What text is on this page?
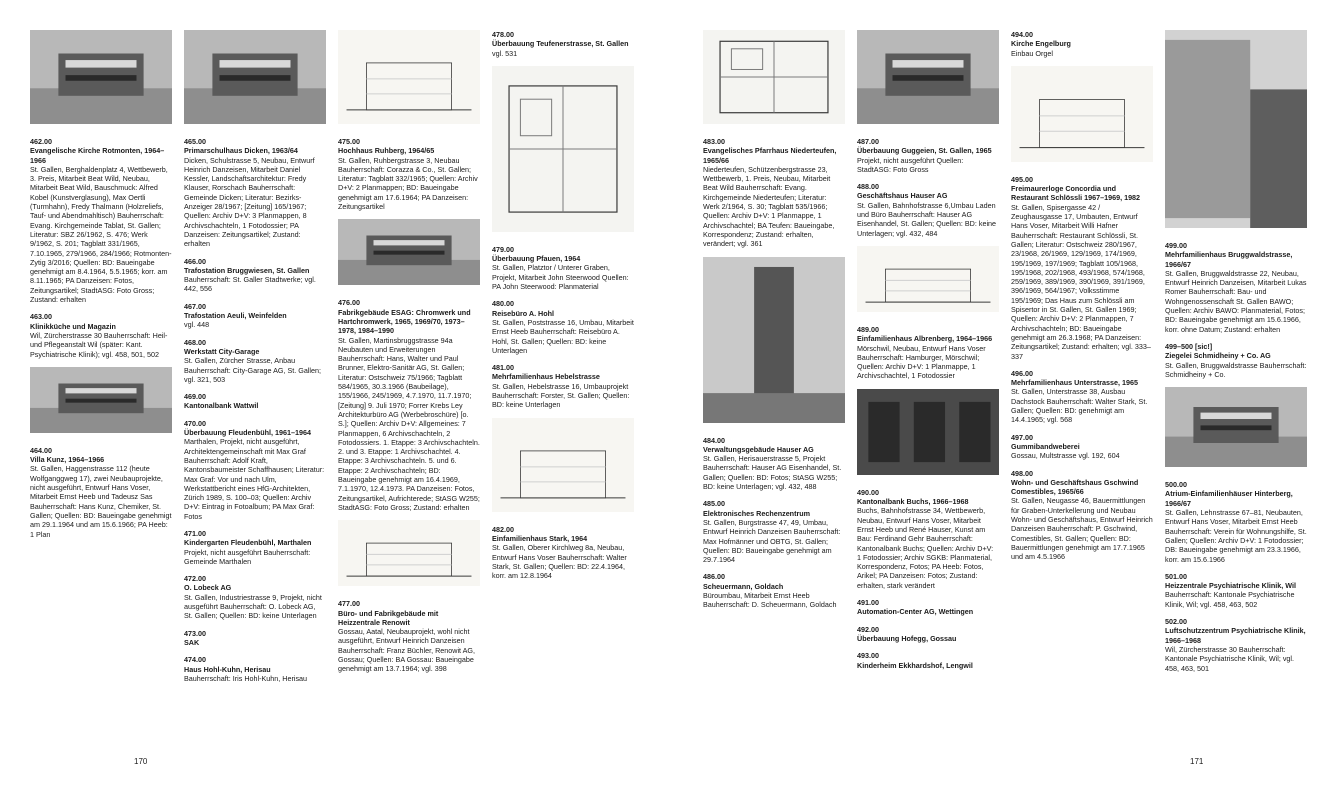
462.00
Evangelische Kirche Rotmonten, 1964–1966
St. Gallen, Berghaldenplatz 4, Wettbewerb, 3. Preis, Mitarbeit Beat Wild, Neubau, Mitarbeit Beat Wild, Bauschmuck: Alfred Kobel (Kunstverglasung), Max Oertli (Turmhahn), Fredy Thalmann (Holzreliefs, Tauf- und Abendmahltisch) Bauherrschaft: Evang. Kirchgemeinde Tablat, St. Gallen; Literatur: SBZ 26/1962, S. 476; Werk 9/1962, S. 201; Tagblatt 331/1965, 7.10.1965, 279/1966, 284/1966; Rotmonten-Zytig 3/2016; Quellen: BD: Baueingabe genehmigt am 8.4.1964, 5.5.1965; korr. am 8.11.1965; PA Danzeisen: Fotos, Zeitungsartikel; StadtASG: Foto Gross; Zustand: erhalten
463.00
Klinikküche und Magazin
Wil, Zürcherstrasse 30 Bauherrschaft: Heil- und Pflegeanstalt Wil (später: Kant. Psychiatrische Klinik); vgl. 458, 501, 502
464.00
Villa Kunz, 1964–1966
St. Gallen, Haggenstrasse 112 (heute Wolfganggweg 17), zwei Neubauprojekte, nicht ausgeführt, Entwurf Hans Voser, Mitarbeit Ernst Heeb und Tadeusz Sas Bauherrschaft: Hans Kunz, Chemiker, St. Gallen; Quellen: BD: Baueingabe genehmigt am 29.1.1964 und am 15.6.1966; PA Heeb: 1 Plan
465.00
Primarschulhaus Dicken, 1963/64
Dicken, Schulstrasse 5, Neubau, Entwurf Heinrich Danzeisen, Mitarbeit Daniel Kessler, Landschaftsarchitektur: Fredy Klauser, Rorschach Bauherrschaft: Gemeinde Dicken; Literatur: Bezirks-Anzeiger 28/1967; [Zeitung] 165/1967; Quellen: Archiv D+V: 3 Planmappen, 8 Archivschachteln, 1 Fotodossier; PA Danzeisen: Zeitungsartikel; Zustand: erhalten
466.00
Trafostation Bruggwiesen, St. Gallen
Bauherrschaft: St. Galler Stadtwerke; vgl. 442, 556
467.00
Trafostation Aeuli, Weinfelden
vgl. 448
468.00
Werkstatt City-Garage
St. Gallen, Zürcher Strasse, Anbau Bauherrschaft: City-Garage AG, St. Gallen; vgl. 321, 503
469.00
Kantonalbank Wattwil
470.00
Überbauung Fleudenbühl, 1961–1964
Marthalen, Projekt, nicht ausgeführt, Architektengemeinschaft mit Max Graf Bauherrschaft: Adolf Kraft, Kantonsbaumeister Schaffhausen; Literatur: Max Graf: Vor und nach Ulm, Werkstattbericht eines HfG-Architekten, Zürich 1989, S. 100–03; Quellen: Archiv D+V: Eintrag in Fotoalbum; PA Max Graf: Fotos
471.00
Kindergarten Fleudenbühl, Marthalen
Projekt, nicht ausgeführt Bauherrschaft: Gemeinde Marthalen
472.00
O. Lobeck AG
St. Gallen, Industriestrasse 9, Projekt, nicht ausgeführt Bauherrschaft: O. Lobeck AG, St. Gallen; Quellen: BD: keine Unterlagen
473.00
SAK
474.00
Haus Hohl-Kuhn, Herisau
Bauherrschaft: Iris Hohl-Kuhn, Herisau
475.00
Hochhaus Ruhberg, 1964/65
St. Gallen, Ruhbergstrasse 3, Neubau Bauherrschaft: Corazza & Co., St. Gallen; Literatur: Tagblatt 332/1965; Quellen: Archiv D+V: 2 Planmappen; BD: Baueingabe genehmigt am 17.6.1964; PA Danzeisen: Zeitungsartikel
476.00
Fabrikgebäude ESAG: Chromwerk und Hartchromwerk, 1965, 1969/70, 1973–1978, 1984–1990
St. Gallen, Martinsbruggstrasse 94a Neubauten und Erweiterungen Bauherrschaft: Hans, Walter und Paul Brunner, Elektro-Sanitär AG, St. Gallen; Literatur: Ostschweiz 75/1966; Tagblatt 584/1965, 30.3.1966 (Baubeilage), 155/1966, 245/1969, 4.7.1970, 11.7.1970; [Zeitung] 9. Juli 1970; Forrer Krebs Ley Architekturbüro AG (Werbebroschüre) [o. S.]; Quellen: Archiv D+V: Allgemeines: 7 Planmappen, 6 Archivschachteln, 2 Fotodossiers. 1. Etappe: 3 Archivschachteln. 2. und 3. Etappe: 1 Archivschachtel. 4. Etappe: 3 Archivschachteln. 5. und 6. Etappe: 2 Archivschachteln; BD: Baueingabe genehmigt am 16.4.1969, 7.1.1970, 12.4.1973. PA Danzeisen: Fotos, Zeitungsartikel, Aufrichterede; StASG W255; StadtASG: Foto Gross; Zustand: erhalten
477.00
Büro- und Fabrikgebäude mit Heizzentrale Renowit
Gossau, Aatal, Neubauprojekt, wohl nicht ausgeführt, Entwurf Heinrich Danzeisen Bauherrschaft: Franz Büchler, Renowit AG, Gossau; Quellen: BA Gossau: Baueingabe genehmigt am 13.7.1964; vgl. 398
478.00
Überbauung Teufenerstrasse, St. Gallen
vgl. 531
479.00
Überbauung Pfauen, 1964
St. Gallen, Platztor / Unterer Graben, Projekt, Mitarbeit John Steerwood Quellen: PA John Steerwood: Planmaterial
480.00
Reisebüro A. Hohl
St. Gallen, Poststrasse 16, Umbau, Mitarbeit Ernst Heeb Bauherrschaft: Reisebüro A. Hohl, St. Gallen; Quellen: BD: keine Unterlagen
481.00
Mehrfamilienhaus Hebelstrasse
St. Gallen, Hebelstrasse 16, Umbauprojekt Bauherrschaft: Forster, St. Gallen; Quellen: BD: keine Unterlagen
482.00
Einfamilienhaus Stark, 1964
St. Gallen, Oberer Kirchlweg 8a, Neubau, Entwurf Hans Voser Bauherrschaft: Walter Stark, St. Gallen; Quellen: BD: 22.4.1964, korr. am 12.8.1964
483.00
Evangelisches Pfarrhaus Niederteufen, 1965/66
Niederteufen, Schützenbergstrasse 23, Wettbewerb, 1. Preis, Neubau, Mitarbeit Beat Wild Bauherrschaft: Evang. Kirchgemeinde Niederteufen; Literatur: Werk 2/1964, S. 30; Tagblatt 535/1966; Quellen: Archiv D+V: 1 Planmappe, 1 Archivschachtel; BA Teufen: Baueingabe, Korrespondenz; Zustand: erhalten, verändert; vgl. 361
484.00
Verwaltungsgebäude Hauser AG
St. Gallen, Herisauerstrasse 5, Projekt Bauherrschaft: Hauser AG Eisenhandel, St. Gallen; Quellen: BD: Fotos; StASG W255; BD: keine Unterlagen; vgl. 432, 488
485.00
Elektronisches Rechenzentrum
St. Gallen, Burgstrasse 47, 49, Umbau, Entwurf Heinrich Danzeisen Bauherrschaft: Max Hofmänner und OBTG, St. Gallen; Quellen: BD: Baueingabe genehmigt am 29.7.1964
486.00
Scheuermann, Goldach
Büroumbau, Mitarbeit Ernst Heeb Bauherrschaft: D. Scheuermann, Goldach
487.00
Überbauung Guggeien, St. Gallen, 1965
Projekt, nicht ausgeführt Quellen: StadtASG: Foto Gross
488.00
Geschäftshaus Hauser AG
St. Gallen, Bahnhofstrasse 6,Umbau Laden und Büro Bauherrschaft: Hauser AG Eisenhandel, St. Gallen; Quellen: BD: keine Unterlagen; vgl. 432, 484
489.00
Einfamilienhaus Albrenberg, 1964–1966
Mörschwil, Neubau, Entwurf Hans Voser Bauherrschaft: Hamburger, Mörschwil; Quellen: Archiv D+V: 1 Planmappe, 1 Archivschachtel, 1 Fotodossier
490.00
Kantonalbank Buchs, 1966–1968
Buchs, Bahnhofstrasse 34, Wettbewerb, Neubau, Entwurf Hans Voser, Mitarbeit Ernst Heeb und René Hauser, Kunst am Bau: Ferdinand Gehr Bauherrschaft: Kantonalbank Buchs; Quellen: Archiv D+V: 1 Fotodossier; Archiv SGKB: Planmaterial, Korrespondenz, Fotos; PA Heeb: Fotos, Arikel; PA Danzeisen: Fotos; Zustand: erhalten, stark verändert
491.00
Automation-Center AG, Wettingen
492.00
Überbauung Hofegg, Gossau
493.00
Kinderheim Ekkhardshof, Lengwil
494.00
Kirche Engelburg
Einbau Orgel
495.00
Freimaurerloge Concordia und Restaurant Schlössli 1967–1969, 1982
St. Gallen, Spisergasse 42 / Zeughausgasse 17, Umbauten, Entwurf Hans Voser, Mitarbeit Willi Hafner Bauherrschaft: Restaurant Schlössli, St. Gallen; Literatur: Ostschweiz 280/1967, 23/1968, 26/1969, 129/1969, 174/1969, 195/1969, 197/1969; Tagblatt 105/1968, 195/1968, 202/1968, 493/1968, 574/1968, 259/1969, 389/1969, 390/1969, 391/1969, 396/1969, 564/1967; Volksstimme 195/1969; Das Haus zum Schlössli am Spisertor in St. Gallen, St. Gallen 1969; Quellen: Archiv D+V: 2 Planmappen, 7 Archivschachteln; BD: Baueingabe genehmigt am 26.3.1968; PA Danzeisen: Zeitungsartikel; Zustand: erhalten; vgl. 333–337
496.00
Mehrfamilienhaus Unterstrasse, 1965
St. Gallen, Unterstrasse 38, Ausbau Dachstock Bauherrschaft: Walter Stark, St. Gallen; Quellen: BD: genehmigt am 14.4.1965; vgl. 568
497.00
Gummibandweberei
Gossau, Multstrasse vgl. 192, 604
498.00
Wohn- und Geschäftshaus Gschwind Comestibles, 1965/66
St. Gallen, Neugasse 46, Bauermittlungen für Graben-Unterkellerung und Neubau Wohn- und Geschäftshaus, Entwurf Heinrich Danzeisen Bauherrschaft: P. Gschwind, Comestibles, St. Gallen; Quellen: BD: Bauermittlungen genehmigt am 17.7.1965 und am 4.5.1966
499.00
Mehrfamilienhaus Bruggwaldstrasse, 1966/67
St. Gallen, Bruggwaldstrasse 22, Neubau, Entwurf Heinrich Danzeisen, Mitarbeit Lukas Romer Bauherrschaft: Bau- und Wohngenossenschaft St. Gallen BAWO; Quellen: Archiv BAWO: Planmaterial, Fotos; BD: Baueingabe genehmigt am 15.6.1966, korr. ohne Datum; Zustand: erhalten
499–500 [sic!]
Ziegelei Schmidheiny + Co. AG
St. Gallen, Bruggwaldstrasse Bauherrschaft: Schmidheiny + Co.
500.00
Atrium-Einfamilienhäuser Hinterberg, 1966/67
St. Gallen, Lehnstrasse 67–81, Neubauten, Entwurf Hans Voser, Mitarbeit Ernst Heeb Bauherrschaft: Verein für Wohnungshilfe, St. Gallen; Quellen: Archiv D+V: 1 Fotodossier; DB: Baueingabe genehmigt am 23.3.1966, korr. am 15.6.1966
501.00
Heizzentrale Psychiatrische Klinik, Wil
Bauherrschaft: Kantonale Psychiatrische Klinik, Wil; vgl. 458, 463, 502
502.00
Luftschutzzentrum Psychiatrische Klinik, 1966–1968
Wil, Zürcherstrasse 30 Bauherrschaft: Kantonale Psychiatrische Klinik, Wil; vgl. 458, 463, 501
170	171
